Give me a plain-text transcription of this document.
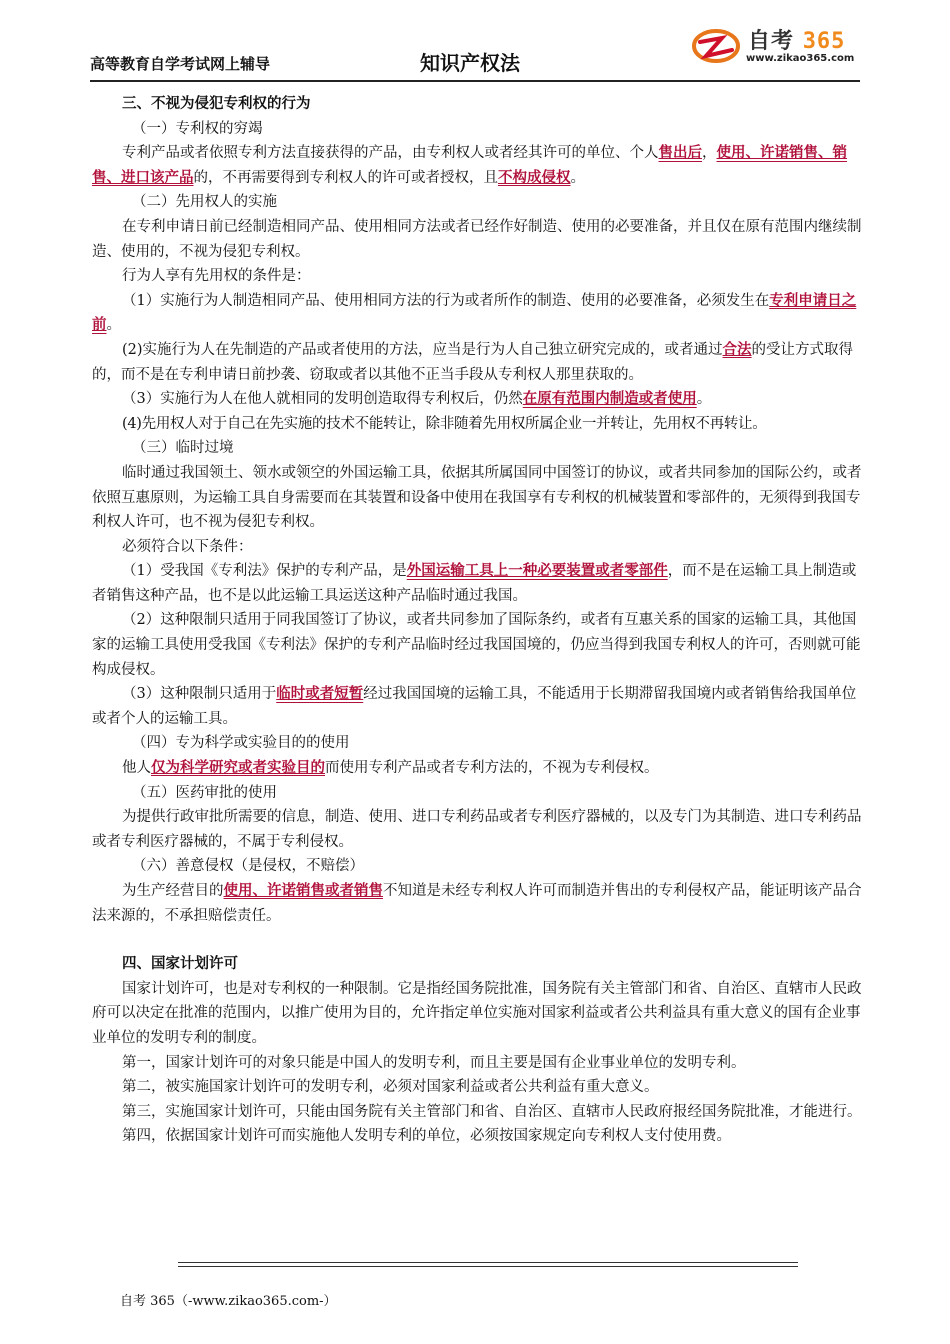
高等教育自学考试网上辅导	知识产权法
自考 365
www.zikao365.com

三、不视为侵犯专利权的行为

（一）专利权的穷竭

专利产品或者依照专利方法直接获得的产品，由专利权人或者经其许可的单位、个人售出后，使用、许诺销售、销售、进口该产品的，不再需要得到专利权人的许可或者授权，且不构成侵权。

（二）先用权人的实施

在专利申请日前已经制造相同产品、使用相同方法或者已经作好制造、使用的必要准备，并且仅在原有范围内继续制造、使用的，不视为侵犯专利权。

行为人享有先用权的条件是：

（1）实施行为人制造相同产品、使用相同方法的行为或者所作的制造、使用的必要准备，必须发生在专利申请日之前。

(2)实施行为人在先制造的产品或者使用的方法，应当是行为人自己独立研究完成的，或者通过合法的受让方式取得的，而不是在专利申请日前抄袭、窃取或者以其他不正当手段从专利权人那里获取的。

（3）实施行为人在他人就相同的发明创造取得专利权后，仍然在原有范围内制造或者使用。

(4)先用权人对于自己在先实施的技术不能转让，除非随着先用权所属企业一并转让，先用权不再转让。

（三）临时过境

临时通过我国领土、领水或领空的外国运输工具，依据其所属国同中国签订的协议，或者共同参加的国际公约，或者依照互惠原则，为运输工具自身需要而在其装置和设备中使用在我国享有专利权的机械装置和零部件的，无须得到我国专利权人许可，也不视为侵犯专利权。

必须符合以下条件：

（1）受我国《专利法》保护的专利产品，是外国运输工具上一种必要装置或者零部件，而不是在运输工具上制造或者销售这种产品，也不是以此运输工具运送这种产品临时通过我国。

（2）这种限制只适用于同我国签订了协议，或者共同参加了国际条约，或者有互惠关系的国家的运输工具，其他国家的运输工具使用受我国《专利法》保护的专利产品临时经过我国国境的，仍应当得到我国专利权人的许可，否则就可能构成侵权。

（3）这种限制只适用于临时或者短暂经过我国国境的运输工具，不能适用于长期滞留我国境内或者销售给我国单位或者个人的运输工具。

（四）专为科学或实验目的的使用

他人仅为科学研究或者实验目的而使用专利产品或者专利方法的，不视为专利侵权。

（五）医药审批的使用

为提供行政审批所需要的信息，制造、使用、进口专利药品或者专利医疗器械的，以及专门为其制造、进口专利药品或者专利医疗器械的，不属于专利侵权。

（六）善意侵权（是侵权，不赔偿）

为生产经营目的使用、许诺销售或者销售不知道是未经专利权人许可而制造并售出的专利侵权产品，能证明该产品合法来源的，不承担赔偿责任。

四、国家计划许可

国家计划许可，也是对专利权的一种限制。它是指经国务院批准，国务院有关主管部门和省、自治区、直辖市人民政府可以决定在批准的范围内，以推广使用为目的，允许指定单位实施对国家利益或者公共利益具有重大意义的国有企业事业单位的发明专利的制度。

第一，国家计划许可的对象只能是中国人的发明专利，而且主要是国有企业事业单位的发明专利。

第二，被实施国家计划许可的发明专利，必须对国家利益或者公共利益有重大意义。

第三，实施国家计划许可，只能由国务院有关主管部门和省、自治区、直辖市人民政府报经国务院批准，才能进行。

第四，依据国家计划许可而实施他人发明专利的单位，必须按国家规定向专利权人支付使用费。

自考 365（-www.zikao365.com-）
